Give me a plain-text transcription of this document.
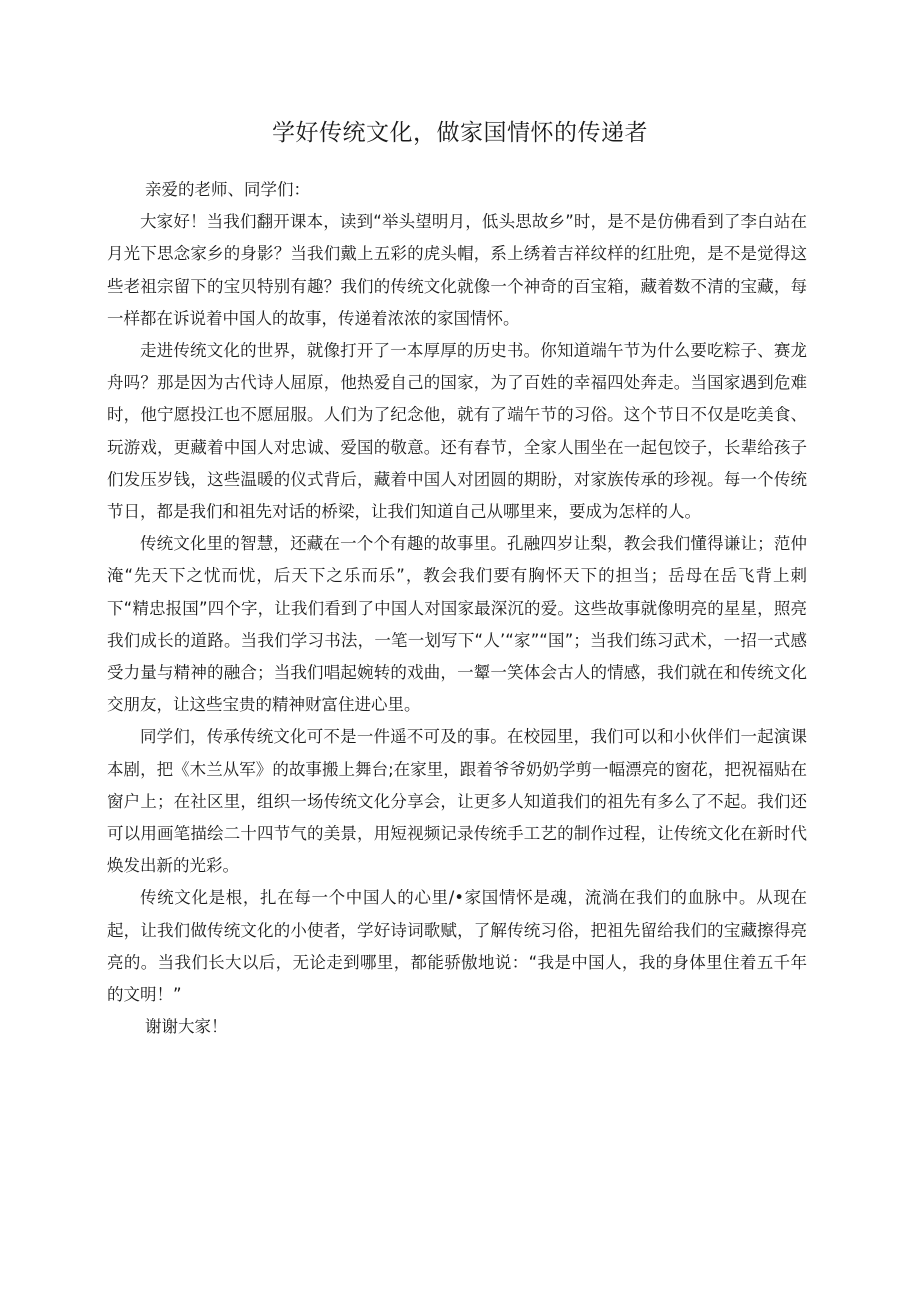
学好传统文化，做家国情怀的传递者

亲爱的老师、同学们：

大家好！当我们翻开课本，读到“举头望明月，低头思故乡”时，是不是仿佛看到了李白站在月光下思念家乡的身影？当我们戴上五彩的虎头帽，系上绣着吉祥纹样的红肚兜，是不是觉得这些老祖宗留下的宝贝特别有趣？我们的传统文化就像一个神奇的百宝箱，藏着数不清的宝藏，每一样都在诉说着中国人的故事，传递着浓浓的家国情怀。

走进传统文化的世界，就像打开了一本厚厚的历史书。你知道端午节为什么要吃粽子、赛龙舟吗？那是因为古代诗人屈原，他热爱自己的国家，为了百姓的幸福四处奔走。当国家遇到危难时，他宁愿投江也不愿屈服。人们为了纪念他，就有了端午节的习俗。这个节日不仅是吃美食、玩游戏，更藏着中国人对忠诚、爱国的敬意。还有春节，全家人围坐在一起包饺子，长辈给孩子们发压岁钱，这些温暖的仪式背后，藏着中国人对团圆的期盼，对家族传承的珍视。每一个传统节日，都是我们和祖先对话的桥梁，让我们知道自己从哪里来，要成为怎样的人。

传统文化里的智慧，还藏在一个个有趣的故事里。孔融四岁让梨，教会我们懂得谦让；范仲淹“先天下之忧而忧，后天下之乐而乐”，教会我们要有胸怀天下的担当；岳母在岳飞背上刺下“精忠报国”四个字，让我们看到了中国人对国家最深沉的爱。这些故事就像明亮的星星，照亮我们成长的道路。当我们学习书法，一笔一划写下“人’“家”“国”；当我们练习武术，一招一式感受力量与精神的融合；当我们唱起婉转的戏曲，一颦一笑体会古人的情感，我们就在和传统文化交朋友，让这些宝贵的精神财富住进心里。

同学们，传承传统文化可不是一件遥不可及的事。在校园里，我们可以和小伙伴们一起演课本剧，把《木兰从军》的故事搬上舞台;在家里，跟着爷爷奶奶学剪一幅漂亮的窗花，把祝福贴在窗户上；在社区里，组织一场传统文化分享会，让更多人知道我们的祖先有多么了不起。我们还可以用画笔描绘二十四节气的美景，用短视频记录传统手工艺的制作过程，让传统文化在新时代焕发出新的光彩。

传统文化是根，扎在每一个中国人的心里/•家国情怀是魂，流淌在我们的血脉中。从现在起，让我们做传统文化的小使者，学好诗词歌赋，了解传统习俗，把祖先留给我们的宝藏擦得亮亮的。当我们长大以后，无论走到哪里，都能骄傲地说：“我是中国人，我的身体里住着五千年的文明！”

谢谢大家！
